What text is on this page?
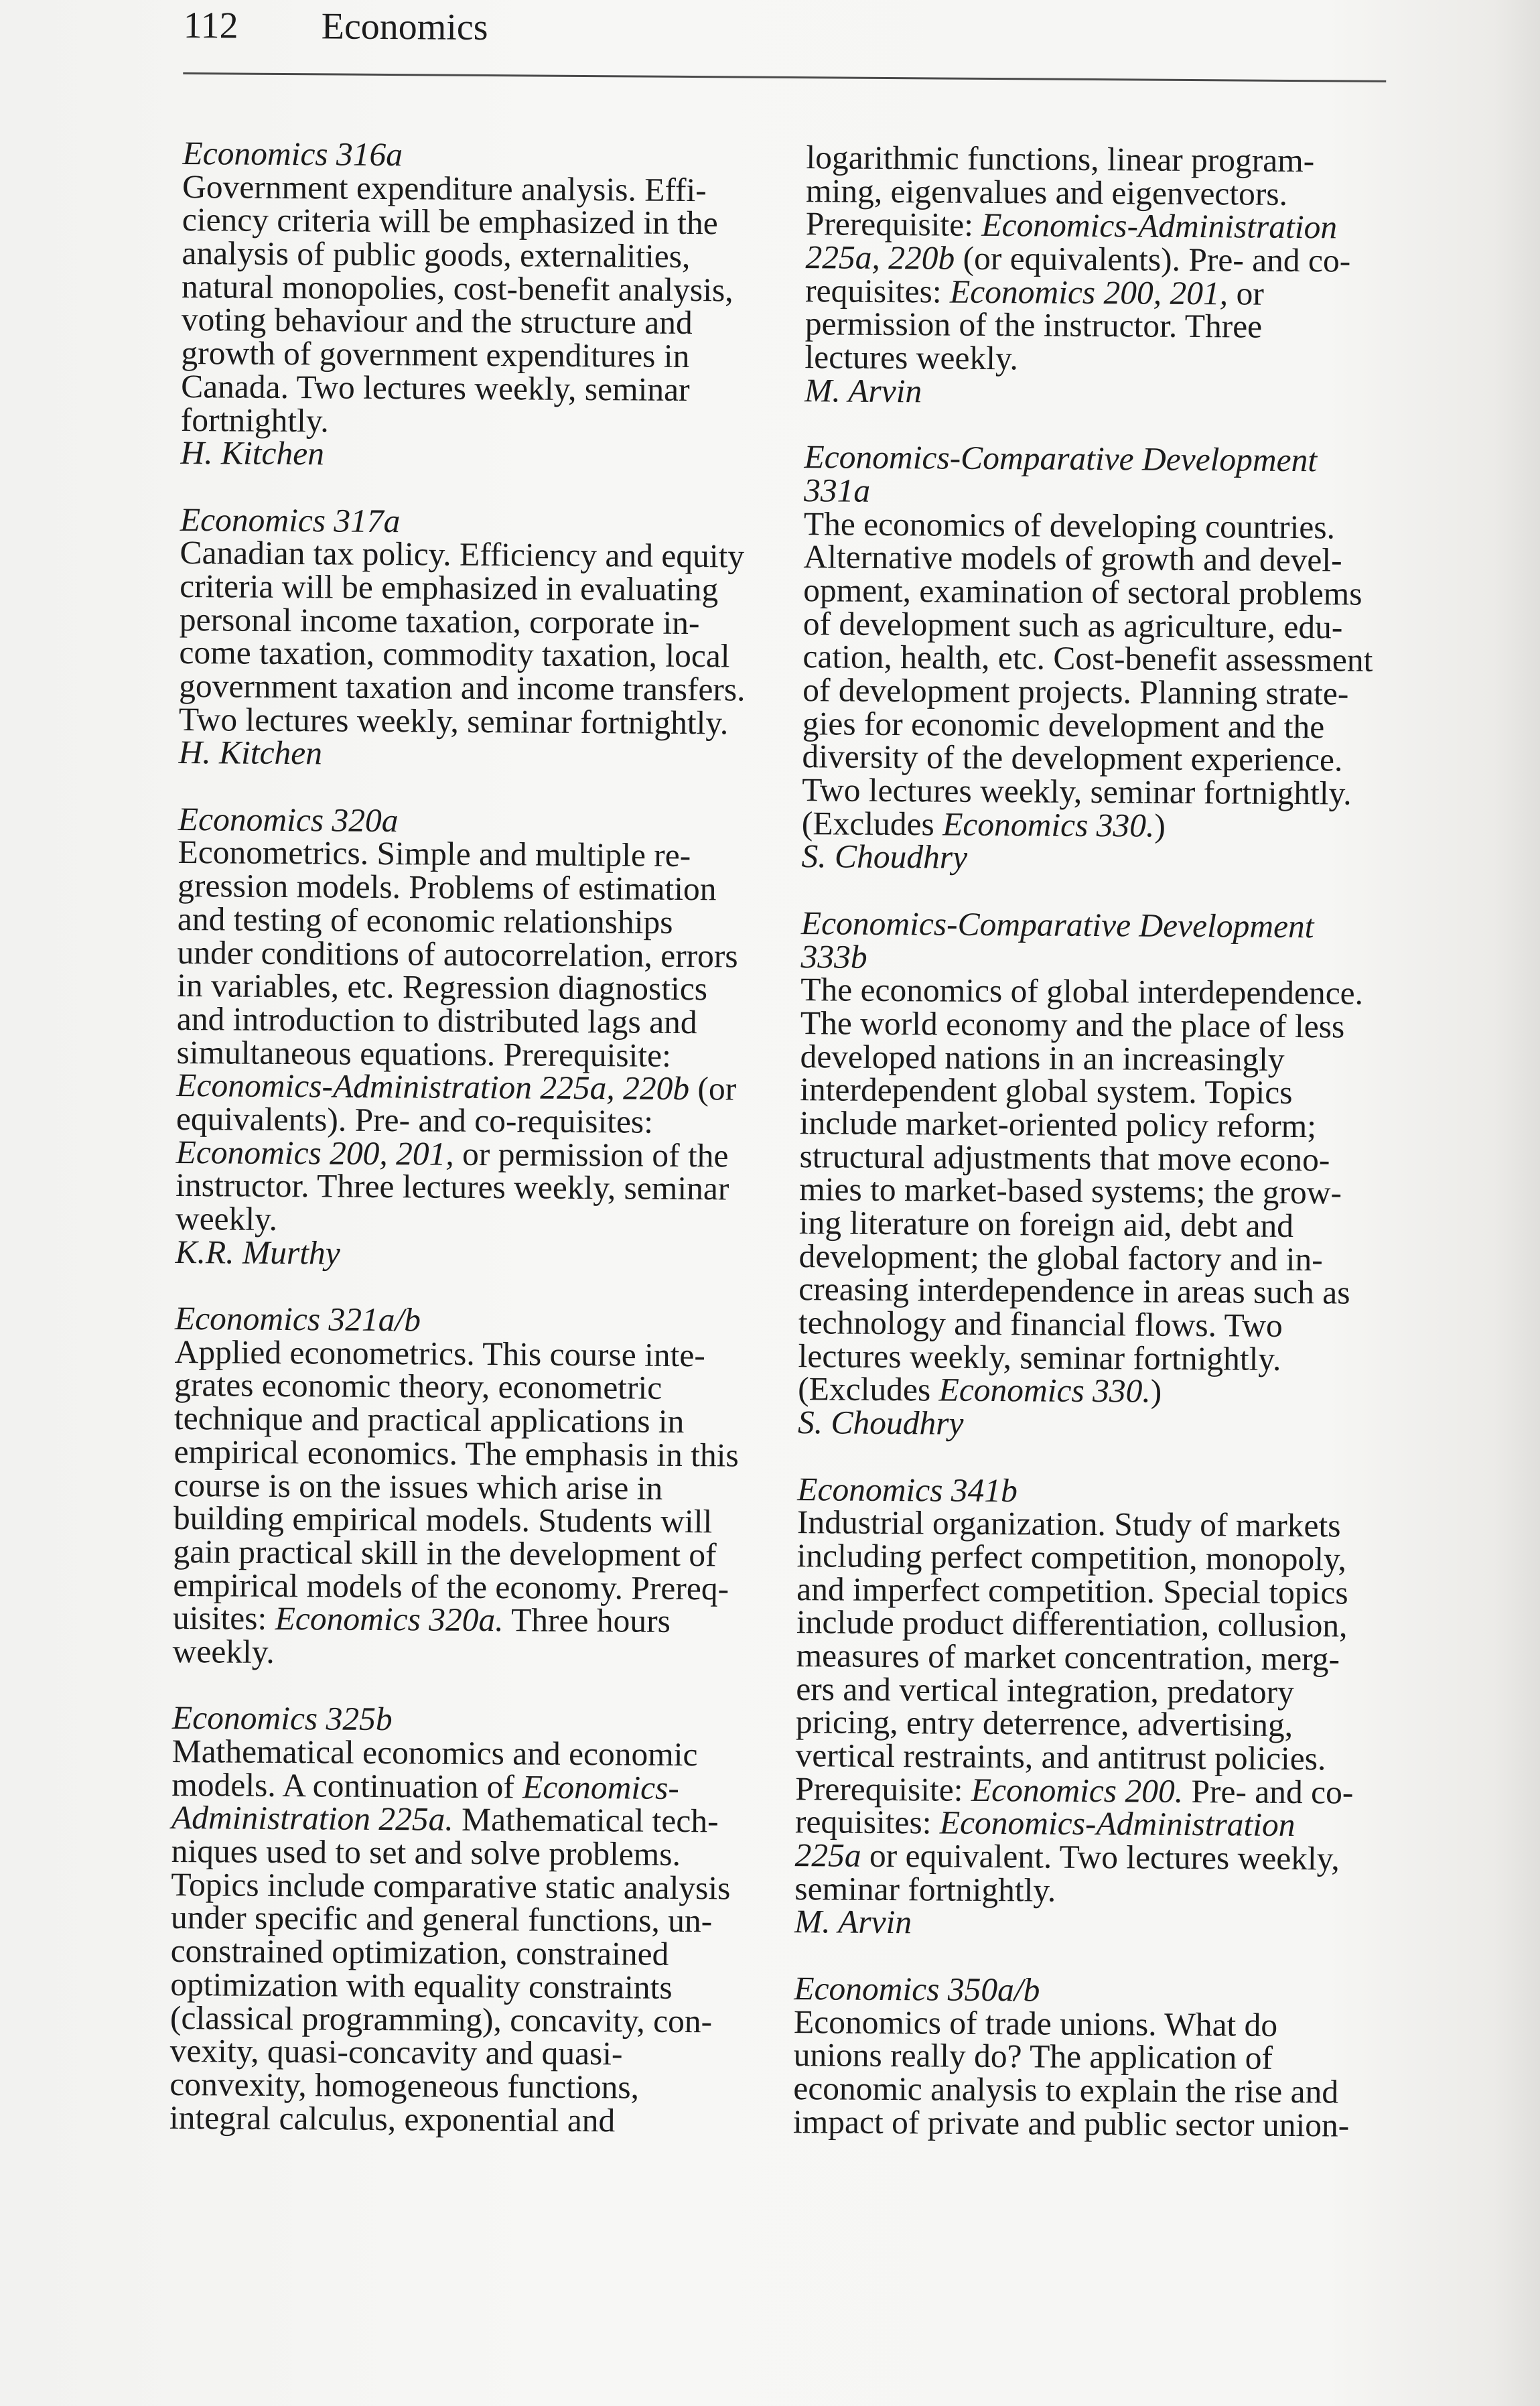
112 Economics
Economics 316a
Government expenditure analysis. Effi-
ciency criteria will be emphasized in the
analysis of public goods, externalities,
natural monopolies, cost-benefit analysis,
voting behaviour and the structure and
growth of government expenditures in
Canada. Two lectures weekly, seminar
fortnightly.
H. Kitchen
Economics 317a
Canadian tax policy. Efficiency and equity
criteria will be emphasized in evaluating
personal income taxation, corporate in-
come taxation, commodity taxation, local
government taxation and income transfers.
Two lectures weekly, seminar fortnightly.
H. Kitchen
Economics 320a
Econometrics. Simple and multiple re-
gression models. Problems of estimation
and testing of economic relationships
under conditions of autocorrelation, errors
in variables, etc. Regression diagnostics
and introduction to distributed lags and
simultaneous equations. Prerequisite:
Economics-Administration 225a, 220b (or
equivalents). Pre- and co-requisites:
Economics 200, 201, or permission of the
instructor. Three lectures weekly, seminar
weekly.
K.R. Murthy
Economics 321a/b
Applied econometrics. This course inte-
grates economic theory, econometric
technique and practical applications in
empirical economics. The emphasis in this
course is on the issues which arise in
building empirical models. Students will
gain practical skill in the development of
empirical models of the economy. Prereq-
uisites: Economics 320a. Three hours
weekly.
Economics 325b
Mathematical economics and economic
models. A continuation of Economics-
Administration 225a. Mathematical tech-
niques used to set and solve problems.
Topics include comparative static analysis
under specific and general functions, un-
constrained optimization, constrained
optimization with equality constraints
(classical programming), concavity, con-
vexity, quasi-concavity and quasi-
convexity, homogeneous functions,
integral calculus, exponential and
logarithmic functions, linear program-
ming, eigenvalues and eigenvectors.
Prerequisite: Economics-Administration
225a, 220b (or equivalents). Pre- and co-
requisites: Economics 200, 201, or
permission of the instructor. Three
lectures weekly.
M. Arvin
Economics-Comparative Development
331a
The economics of developing countries.
Alternative models of growth and devel-
opment, examination of sectoral problems
of development such as agriculture, edu-
cation, health, etc. Cost-benefit assessment
of development projects. Planning strate-
gies for economic development and the
diversity of the development experience.
Two lectures weekly, seminar fortnightly.
(Excludes Economics 330.)
S. Choudhry
Economics-Comparative Development
333b
The economics of global interdependence.
The world economy and the place of less
developed nations in an increasingly
interdependent global system. Topics
include market-oriented policy reform;
structural adjustments that move econo-
mies to market-based systems; the grow-
ing literature on foreign aid, debt and
development; the global factory and in-
creasing interdependence in areas such as
technology and financial flows. Two
lectures weekly, seminar fortnightly.
(Excludes Economics 330.)
S. Choudhry
Economics 341b
Industrial organization. Study of markets
including perfect competition, monopoly,
and imperfect competition. Special topics
include product differentiation, collusion,
measures of market concentration, merg-
ers and vertical integration, predatory
pricing, entry deterrence, advertising,
vertical restraints, and antitrust policies.
Prerequisite: Economics 200. Pre- and co-
requisites: Economics-Administration
225a or equivalent. Two lectures weekly,
seminar fortnightly.
M. Arvin
Economics 350a/b
Economics of trade unions. What do
unions really do? The application of
economic analysis to explain the rise and
impact of private and public sector union-
